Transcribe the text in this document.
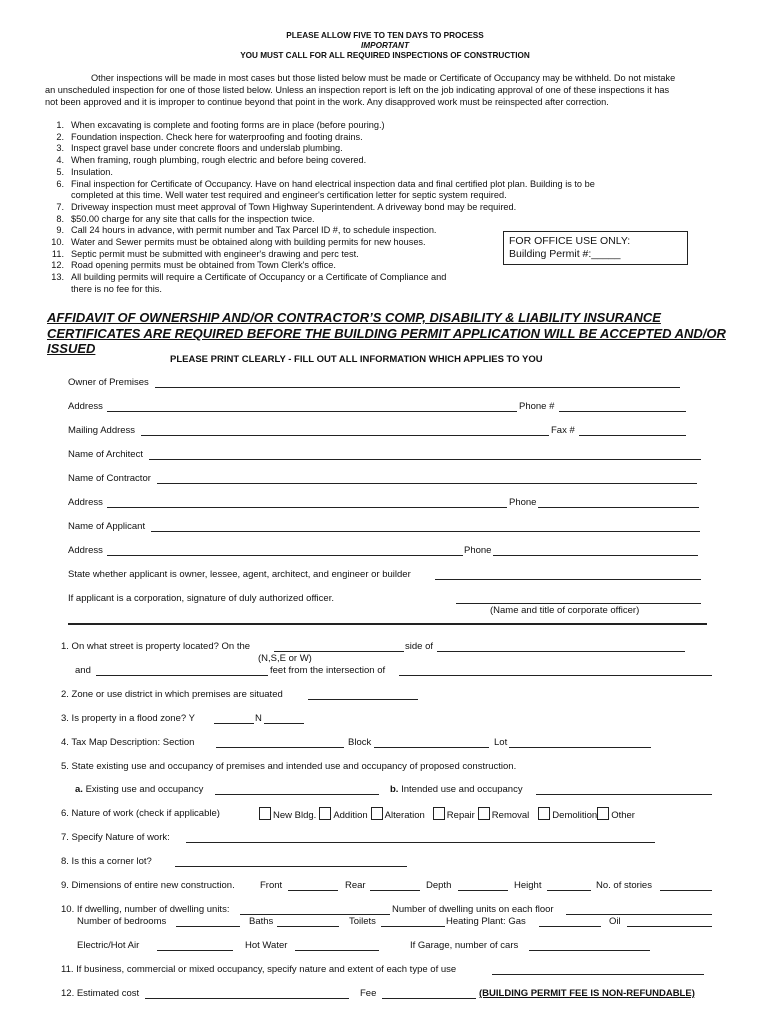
PLEASE ALLOW FIVE TO TEN DAYS TO PROCESS
IMPORTANT
YOU MUST CALL FOR ALL REQUIRED INSPECTIONS OF CONSTRUCTION
Other inspections will be made in most cases but those listed below must be made or Certificate of Occupancy may be withheld. Do not mistake
an unscheduled inspection for one of those listed below. Unless an inspection report is left on the job indicating approval of one of these inspections it has
not been approved and it is improper to continue beyond that point in the work. Any disapproved work must be reinspected after correction.
1. When excavating is complete and footing forms are in place (before pouring.)
2. Foundation inspection. Check here for waterproofing and footing drains.
3. Inspect gravel base under concrete floors and underslab plumbing.
4. When framing, rough plumbing, rough electric and before being covered.
5. Insulation.
6. Final inspection for Certificate of Occupancy. Have on hand electrical inspection data and final certified plot plan. Building is to be
completed at this time. Well water test required and engineer's certification letter for septic system required.
7. Driveway inspection must meet approval of Town Highway Superintendent. A driveway bond may be required.
8. $50.00 charge for any site that calls for the inspection twice.
9. Call 24 hours in advance, with permit number and Tax Parcel ID #, to schedule inspection.
10. Water and Sewer permits must be obtained along with building permits for new houses.
11. Septic permit must be submitted with engineer's drawing and perc test.
12. Road opening permits must be obtained from Town Clerk's office.
13. All building permits will require a Certificate of Occupancy or a Certificate of Compliance and
there is no fee for this.
FOR OFFICE USE ONLY:
Building Permit #:_____
AFFIDAVIT OF OWNERSHIP AND/OR CONTRACTOR’S COMP, DISABILITY & LIABILITY INSURANCE CERTIFICATES ARE REQUIRED BEFORE THE BUILDING PERMIT APPLICATION WILL BE ACCEPTED AND/OR ISSUED
PLEASE PRINT CLEARLY - FILL OUT ALL INFORMATION WHICH APPLIES TO YOU
Owner of Premises
Address	Phone #
Mailing Address	Fax #
Name of Architect
Name of Contractor
Address	Phone
Name of Applicant
Address	Phone
State whether applicant is owner, lessee, agent, architect, and engineer or builder
If applicant is a corporation, signature of duly authorized officer.
(Name and title of corporate officer)
1. On what street is property located? On the	side of
(N,S,E or W)
and	feet from the intersection of
2. Zone or use district in which premises are situated
3. Is property in a flood zone? Y	N
4. Tax Map Description: Section	Block	Lot
5. State existing use and occupancy of premises and intended use and occupancy of proposed construction.
a. Existing use and occupancy	b. Intended use and occupancy
6. Nature of work (check if applicable)	New Bldg. Addition Alteration Repair Removal Demolition Other
7. Specify Nature of work:
8. Is this a corner lot?
9. Dimensions of entire new construction.	Front	Rear	Depth	Height	No. of stories
10. If dwelling, number of dwelling units:	Number of dwelling units on each floor
Number of bedrooms	Baths	Toilets	Heating Plant: Gas	Oil
Electric/Hot Air	Hot Water	If Garage, number of cars
11. If business, commercial or mixed occupancy, specify nature and extent of each type of use
12. Estimated cost	Fee	(BUILDING PERMIT FEE IS NON-REFUNDABLE)
